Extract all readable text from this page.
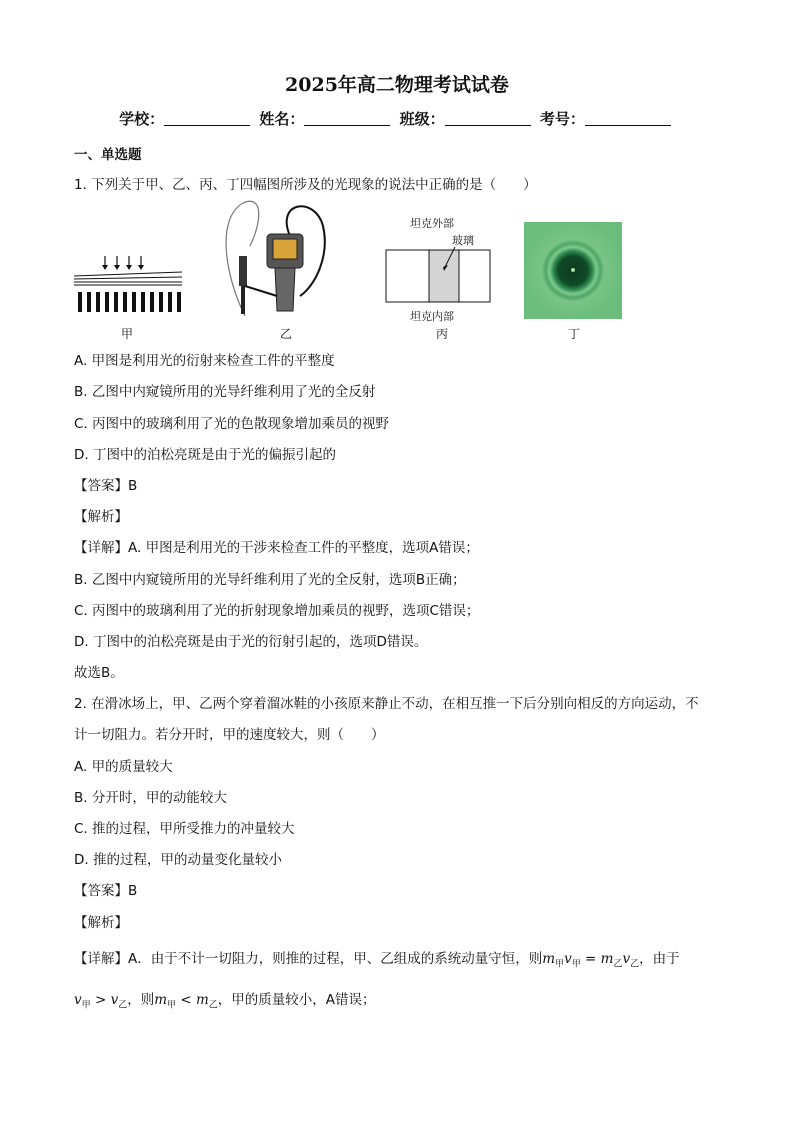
2025年高二物理考试试卷
学校：	姓名：	班级：	考号：
一、单选题
1. 下列关于甲、乙、丙、丁四幅图所涉及的光现象的说法中正确的是（　　）
甲	乙
坦克外部
玻璃
坦克内部
丙	丁
A. 甲图是利用光的衍射来检查工件的平整度
B. 乙图中内窥镜所用的光导纤维利用了光的全反射
C. 丙图中的玻璃利用了光的色散现象增加乘员的视野
D. 丁图中的泊松亮斑是由于光的偏振引起的
【答案】B
【解析】
【详解】A. 甲图是利用光的干涉来检查工件的平整度，选项A错误；
B. 乙图中内窥镜所用的光导纤维利用了光的全反射，选项B正确；
C. 丙图中的玻璃利用了光的折射现象增加乘员的视野，选项C错误；
D. 丁图中的泊松亮斑是由于光的衍射引起的，选项D错误。
故选B。
2. 在滑冰场上，甲、乙两个穿着溜冰鞋的小孩原来静止不动，在相互推一下后分别向相反的方向运动，不
计一切阻力。若分开时，甲的速度较大，则（　　）
A. 甲的质量较大
B. 分开时，甲的动能较大
C. 推的过程，甲所受推力的冲量较大
D. 推的过程，甲的动量变化量较小
【答案】B
【解析】
【详解】A．由于不计一切阻力，则推的过程，甲、乙组成的系统动量守恒，则$m_甲v_甲 = m_乙v_乙$，由于
$v_甲 > v_乙$，则$m_甲 < m_乙$，甲的质量较小，A错误；
